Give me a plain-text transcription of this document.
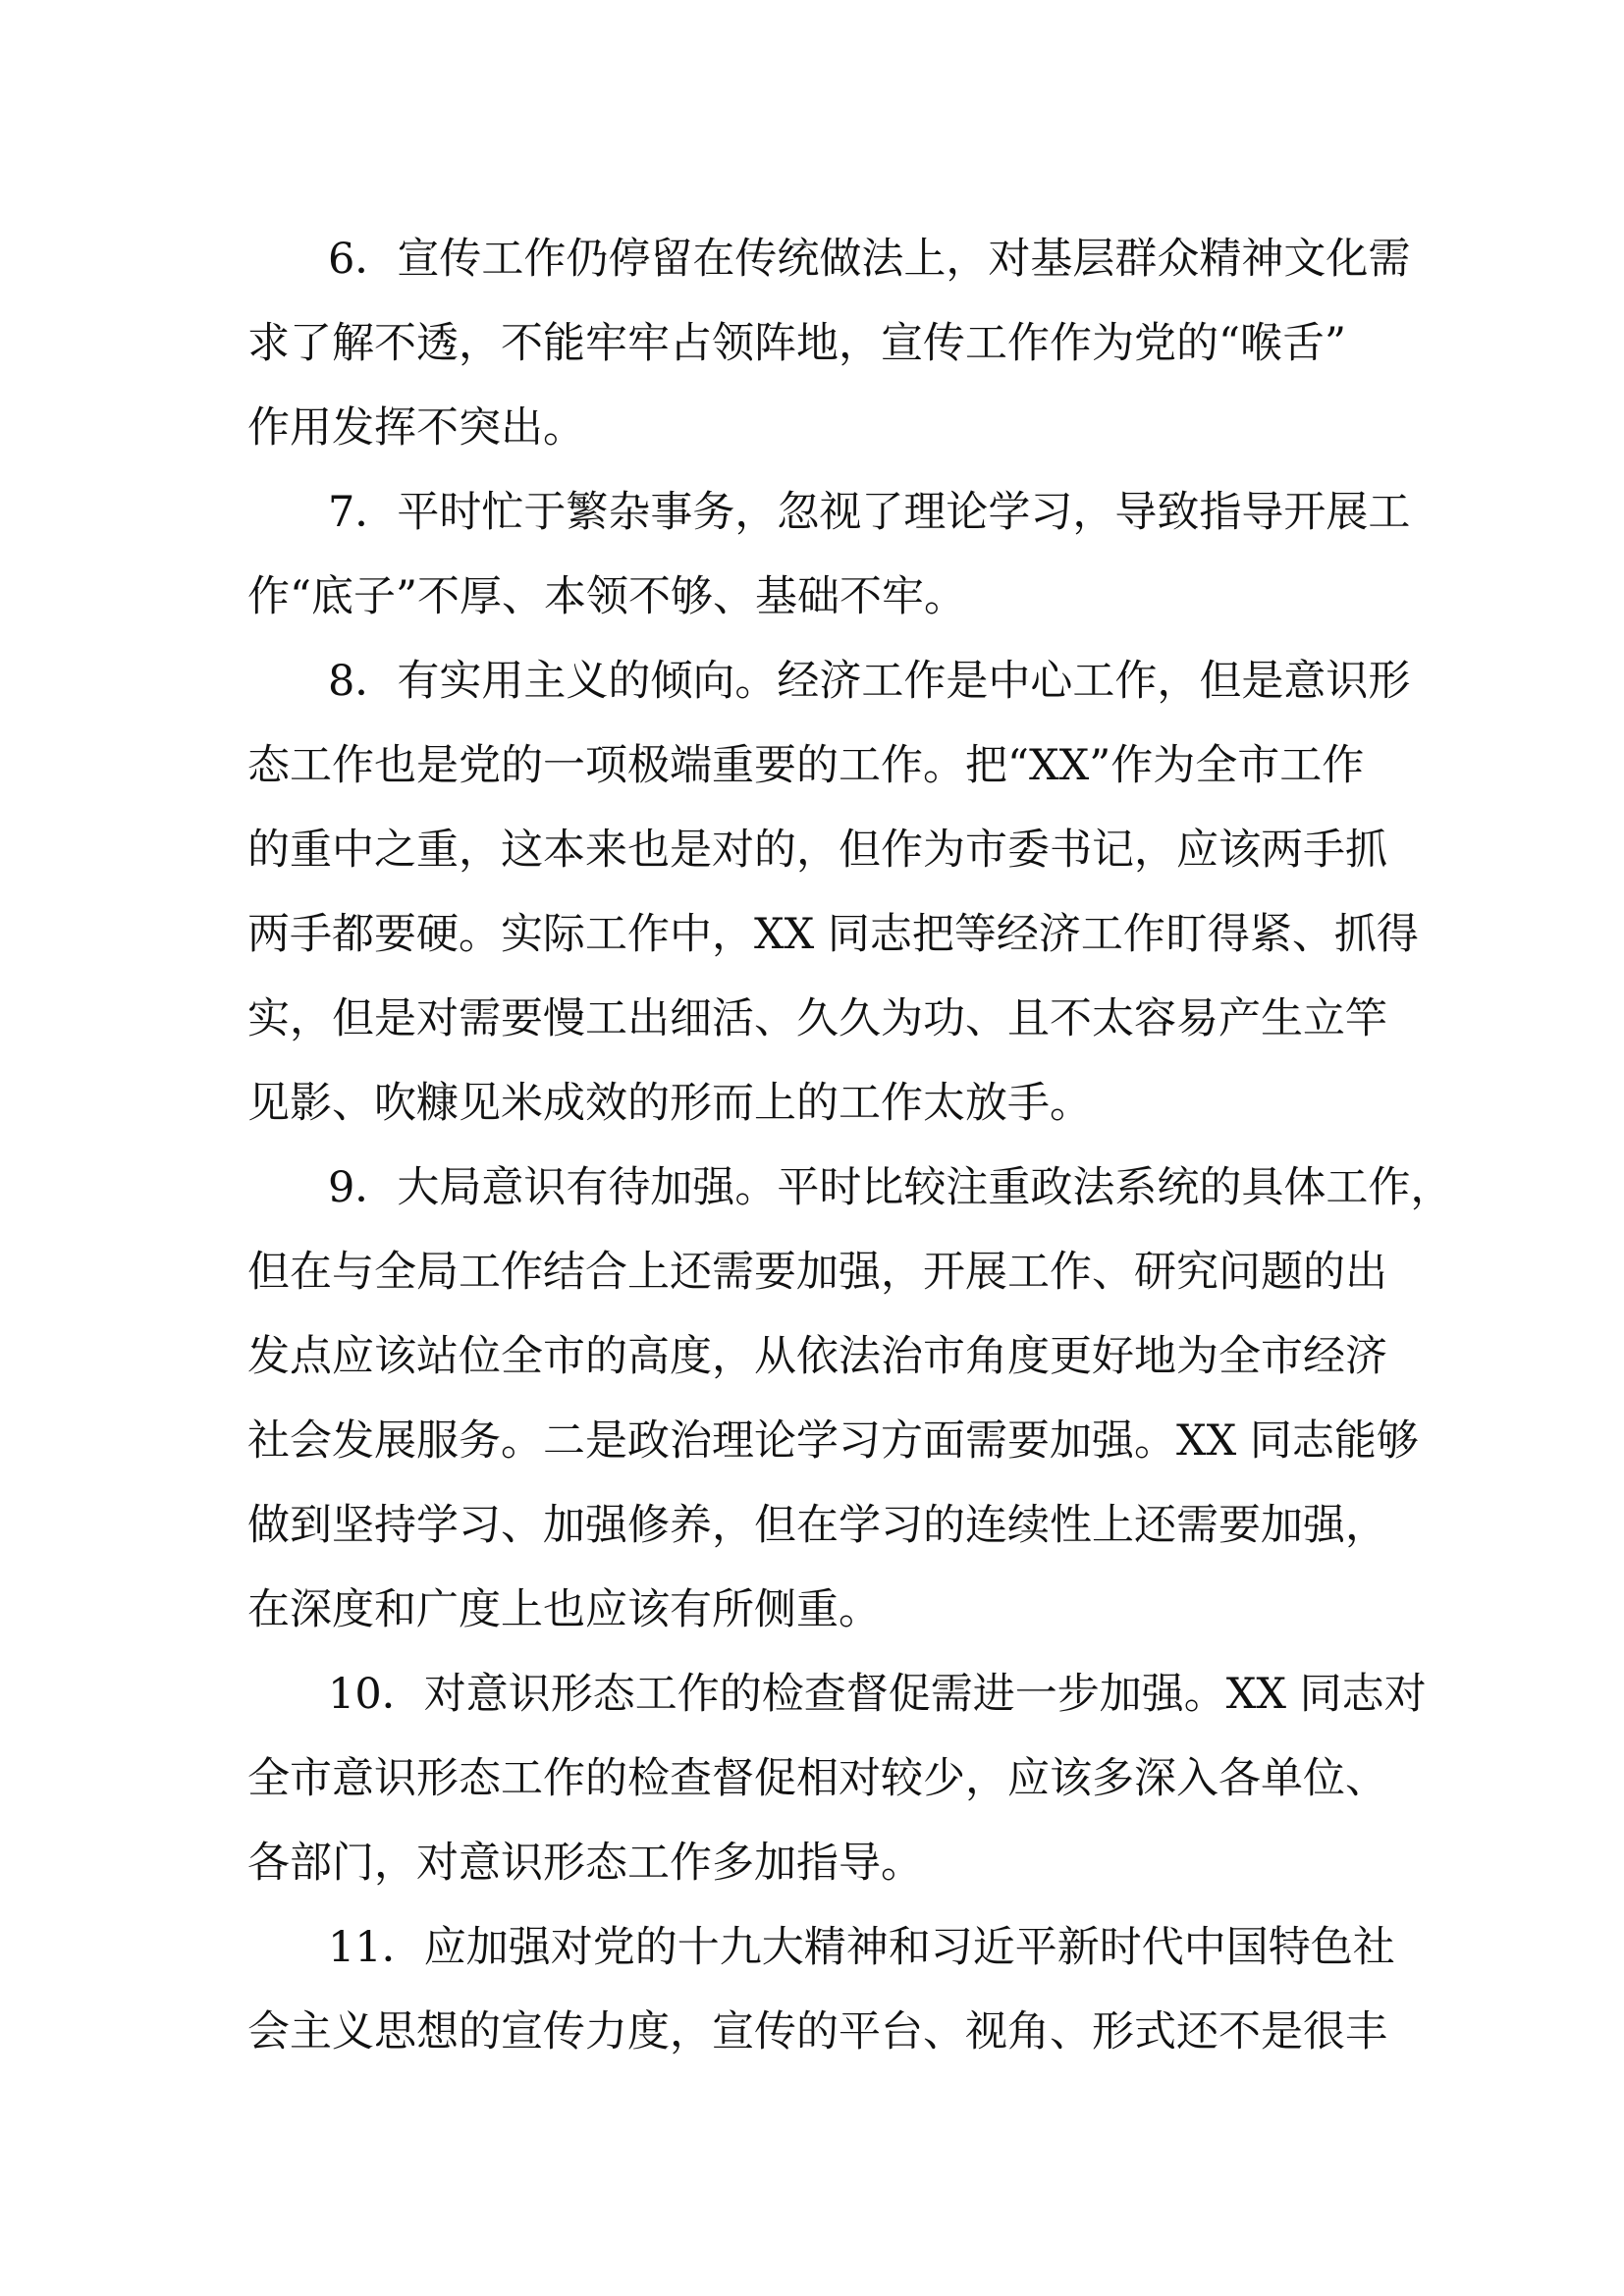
6．宣传工作仍停留在传统做法上，对基层群众精神文化需

求了解不透，不能牢牢占领阵地，宣传工作作为党的“喉舌”

作用发挥不突出。

7．平时忙于繁杂事务，忽视了理论学习，导致指导开展工

作“底子”不厚、本领不够、基础不牢。

8．有实用主义的倾向。经济工作是中心工作，但是意识形

态工作也是党的一项极端重要的工作。把“XX”作为全市工作

的重中之重，这本来也是对的，但作为市委书记，应该两手抓

两手都要硬。实际工作中，XX 同志把等经济工作盯得紧、抓得

实，但是对需要慢工出细活、久久为功、且不太容易产生立竿

见影、吹糠见米成效的形而上的工作太放手。

9．大局意识有待加强。平时比较注重政法系统的具体工作，

但在与全局工作结合上还需要加强，开展工作、研究问题的出

发点应该站位全市的高度，从依法治市角度更好地为全市经济

社会发展服务。二是政治理论学习方面需要加强。XX 同志能够

做到坚持学习、加强修养，但在学习的连续性上还需要加强，

在深度和广度上也应该有所侧重。

10．对意识形态工作的检查督促需进一步加强。XX 同志对

全市意识形态工作的检查督促相对较少，应该多深入各单位、

各部门，对意识形态工作多加指导。

11．应加强对党的十九大精神和习近平新时代中国特色社

会主义思想的宣传力度，宣传的平台、视角、形式还不是很丰
